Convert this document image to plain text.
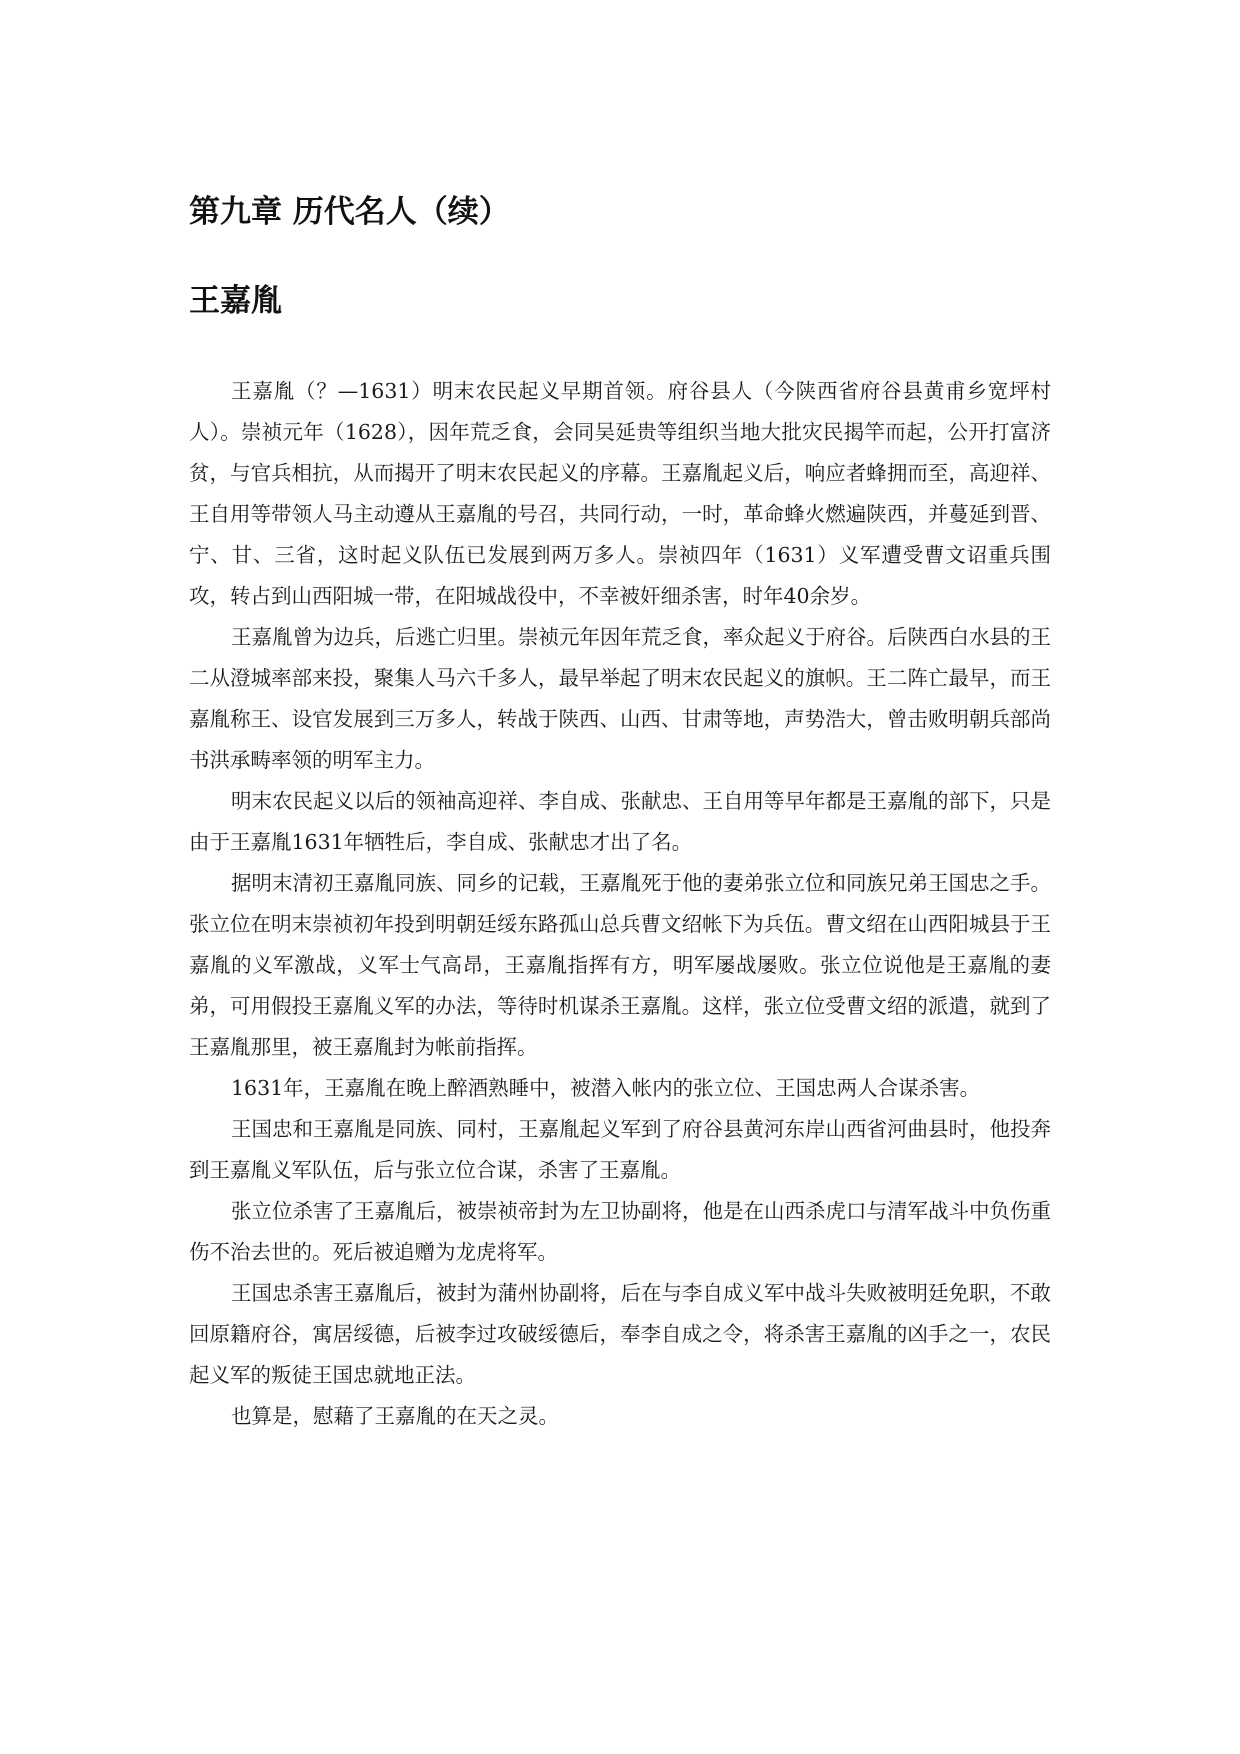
第九章 历代名人（续）
王嘉胤

王嘉胤（？—1631）明末农民起义早期首领。府谷县人（今陕西省府谷县黄甫乡宽坪村人）。崇祯元年（1628），因年荒乏食，会同吴延贵等组织当地大批灾民揭竿而起，公开打富济贫，与官兵相抗，从而揭开了明末农民起义的序幕。王嘉胤起义后，响应者蜂拥而至，高迎祥、王自用等带领人马主动遵从王嘉胤的号召，共同行动，一时，革命蜂火燃遍陕西，并蔓延到晋、宁、甘、三省，这时起义队伍已发展到两万多人。崇祯四年（1631）义军遭受曹文诏重兵围攻，转占到山西阳城一带，在阳城战役中，不幸被奸细杀害，时年40余岁。

王嘉胤曾为边兵，后逃亡归里。崇祯元年因年荒乏食，率众起义于府谷。后陕西白水县的王二从澄城率部来投，聚集人马六千多人，最早举起了明末农民起义的旗帜。王二阵亡最早，而王嘉胤称王、设官发展到三万多人，转战于陕西、山西、甘肃等地，声势浩大，曾击败明朝兵部尚书洪承畴率领的明军主力。

明末农民起义以后的领袖高迎祥、李自成、张献忠、王自用等早年都是王嘉胤的部下，只是由于王嘉胤1631年牺牲后，李自成、张献忠才出了名。

据明末清初王嘉胤同族、同乡的记载，王嘉胤死于他的妻弟张立位和同族兄弟王国忠之手。张立位在明末崇祯初年投到明朝廷绥东路孤山总兵曹文绍帐下为兵伍。曹文绍在山西阳城县于王嘉胤的义军激战，义军士气高昂，王嘉胤指挥有方，明军屡战屡败。张立位说他是王嘉胤的妻弟，可用假投王嘉胤义军的办法，等待时机谋杀王嘉胤。这样，张立位受曹文绍的派遣，就到了王嘉胤那里，被王嘉胤封为帐前指挥。

1631年，王嘉胤在晚上醉酒熟睡中，被潜入帐内的张立位、王国忠两人合谋杀害。

王国忠和王嘉胤是同族、同村，王嘉胤起义军到了府谷县黄河东岸山西省河曲县时，他投奔到王嘉胤义军队伍，后与张立位合谋，杀害了王嘉胤。

张立位杀害了王嘉胤后，被崇祯帝封为左卫协副将，他是在山西杀虎口与清军战斗中负伤重伤不治去世的。死后被追赠为龙虎将军。

王国忠杀害王嘉胤后，被封为蒲州协副将，后在与李自成义军中战斗失败被明廷免职，不敢回原籍府谷，寓居绥德，后被李过攻破绥德后，奉李自成之令，将杀害王嘉胤的凶手之一，农民起义军的叛徒王国忠就地正法。

也算是，慰藉了王嘉胤的在天之灵。
